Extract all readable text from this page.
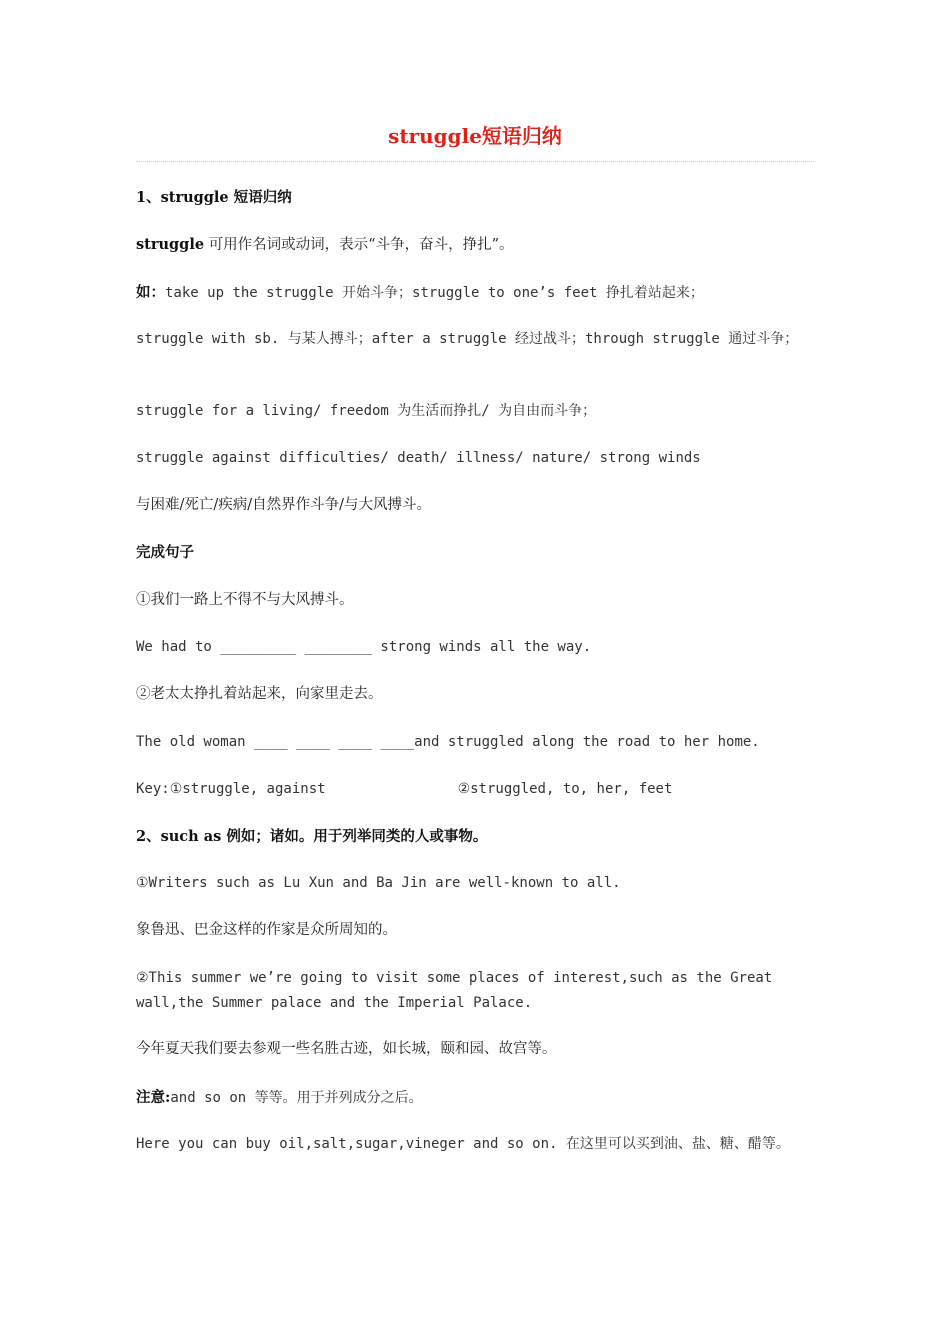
struggle短语归纳
1、struggle 短语归纳
struggle 可用作名词或动词，表示“斗争，奋斗，挣扎”。
如：take up the struggle 开始斗争；struggle to one’s feet 挣扎着站起来；
struggle with sb. 与某人搏斗；after a struggle 经过战斗；through struggle 通过斗争；
struggle for a living/ freedom 为生活而挣扎/ 为自由而斗争；
struggle against difficulties/ death/ illness/ nature/ strong winds
与困难/死亡/疾病/自然界作斗争/与大风搏斗。
完成句子
①我们一路上不得不与大风搏斗。
We had to _________ ________ strong winds all the way.
②老太太挣扎着站起来，向家里走去。
The old woman ____ ____ ____ ____and struggled along the road to her home.
Key:①struggle, against	②struggled, to, her, feet
2、such as 例如；诸如。用于列举同类的人或事物。
①Writers such as Lu Xun and Ba Jin are well-known to all.
象鲁迅、巴金这样的作家是众所周知的。
②This summer we’re going to visit some places of interest,such as the Great wall,the Summer palace and the Imperial Palace.
今年夏天我们要去参观一些名胜古迹，如长城，颐和园、故宫等。
注意:and so on 等等。用于并列成分之后。
Here you can buy oil,salt,sugar,vineger and so on. 在这里可以买到油、盐、糖、醋等。
